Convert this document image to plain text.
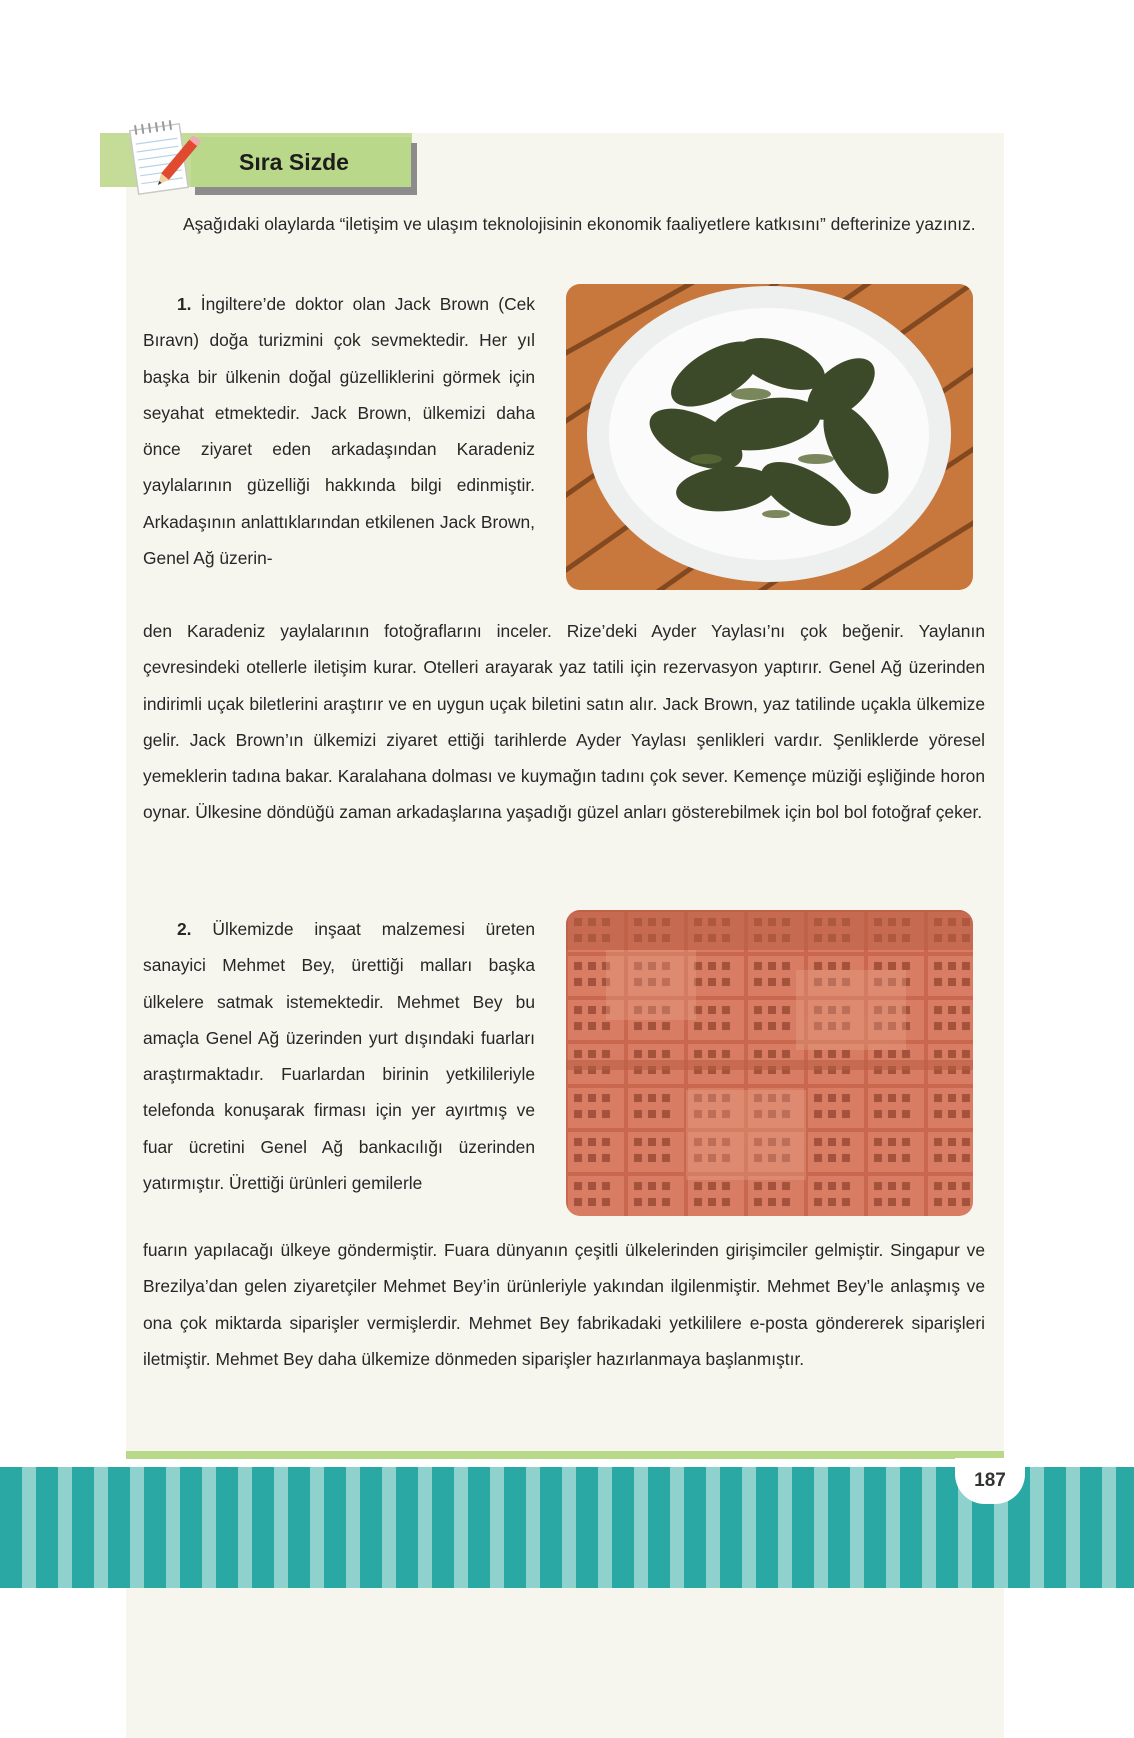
Sıra Sizde

Aşağıdaki olaylarda “iletişim ve ulaşım teknolojisinin ekonomik faaliyetlere katkısını” defterinize yazınız.

1. İngiltere’de doktor olan Jack Brown (Cek Bıravn) doğa turizmini çok sevmektedir. Her yıl başka bir ülkenin doğal güzelliklerini görmek için seyahat etmektedir. Jack Brown, ülkemizi daha önce ziyaret eden arkadaşından Karadeniz yaylalarının güzelliği hakkında bilgi edinmiştir. Arkadaşının anlattıklarından etkilenen Jack Brown, Genel Ağ üzerin-

den Karadeniz yaylalarının fotoğraflarını inceler. Rize’deki Ayder Yaylası’nı çok beğenir. Yaylanın çevresindeki otellerle iletişim kurar. Otelleri arayarak yaz tatili için rezervasyon yaptırır. Genel Ağ üzerinden indirimli uçak biletlerini araştırır ve en uygun uçak biletini satın alır. Jack Brown, yaz tatilinde uçakla ülkemize gelir. Jack Brown’ın ülkemizi ziyaret ettiği tarihlerde Ayder Yaylası şenlikleri vardır. Şenliklerde yöresel yemeklerin tadına bakar. Karalahana dolması ve kuymağın tadını çok sever. Kemençe müziği eşliğinde horon oynar. Ülkesine döndüğü zaman arkadaşlarına yaşadığı güzel anları gösterebilmek için bol bol fotoğraf çeker.

2. Ülkemizde inşaat malzemesi üreten sanayici Mehmet Bey, ürettiği malları başka ülkelere satmak istemektedir. Mehmet Bey bu amaçla Genel Ağ üzerinden yurt dışındaki fuarları araştırmaktadır. Fuarlardan birinin yetkilileriyle telefonda konuşarak firması için yer ayırtmış ve fuar ücretini Genel Ağ bankacılığı üzerinden yatırmıştır. Ürettiği ürünleri gemilerle

fuarın yapılacağı ülkeye göndermiştir. Fuara dünyanın çeşitli ülkelerinden girişimciler gelmiştir. Singapur ve Brezilya’dan gelen ziyaretçiler Mehmet Bey’in ürünleriyle yakından ilgilenmiştir. Mehmet Bey’le anlaşmış ve ona çok miktarda siparişler vermişlerdir. Mehmet Bey fabrikadaki yetkililere e-posta göndererek siparişleri iletmiştir. Mehmet Bey daha ülkemize dönmeden siparişler hazırlanmaya başlanmıştır.

187
